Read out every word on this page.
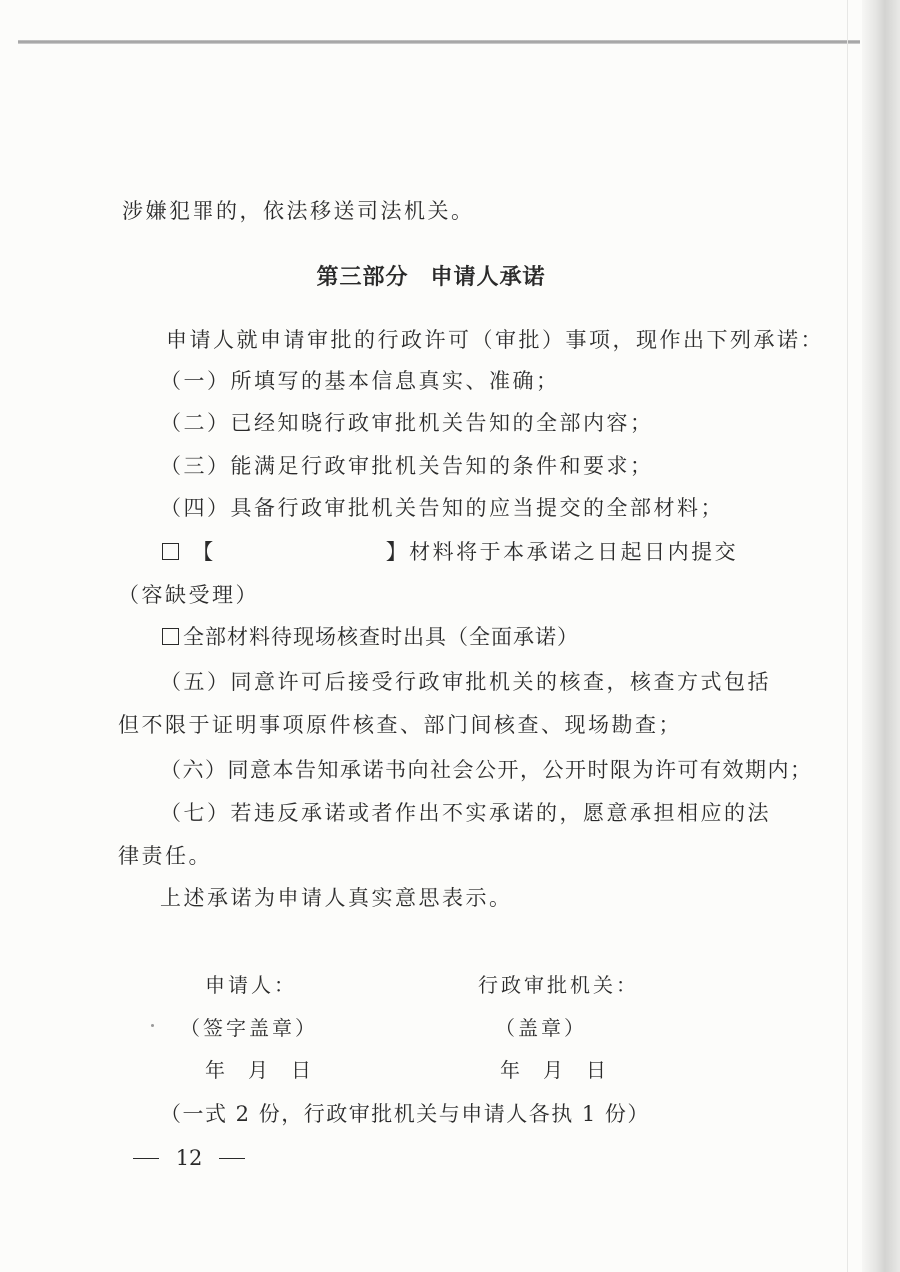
涉嫌犯罪的，依法移送司法机关。
第三部分 申请人承诺
申请人就申请审批的行政许可（审批）事项，现作出下列承诺：
（一）所填写的基本信息真实、准确；
（二）已经知晓行政审批机关告知的全部内容；
（三）能满足行政审批机关告知的条件和要求；
（四）具备行政审批机关告知的应当提交的全部材料；
【	】材料将于本承诺之日起日内提交
（容缺受理）
全部材料待现场核查时出具（全面承诺）
（五）同意许可后接受行政审批机关的核查，核查方式包括
但不限于证明事项原件核查、部门间核查、现场勘查；
（六）同意本告知承诺书向社会公开，公开时限为许可有效期内；
（七）若违反承诺或者作出不实承诺的，愿意承担相应的法
律责任。
上述承诺为申请人真实意思表示。
申请人：	行政审批机关：
（签字盖章）	（盖章）
年 月 日	年 月 日
（一式 2 份，行政审批机关与申请人各执 1 份）
12
